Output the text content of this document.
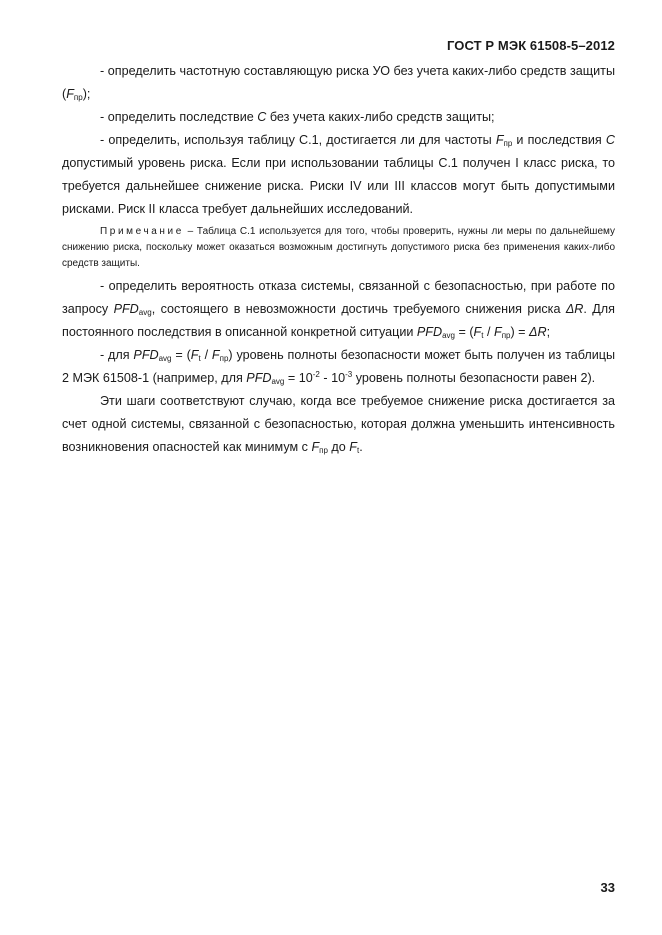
ГОСТ Р МЭК 61508-5–2012

- определить частотную составляющую риска УО без учета каких-либо средств защиты $(F_{пр})$;

- определить последствие C без учета каких-либо средств защиты;

- определить, используя таблицу С.1, достигается ли для частоты $F_{пр}$ и последствия C допустимый уровень риска. Если при использовании таблицы С.1 получен I класс риска, то требуется дальнейшее снижение риска. Риски IV или III классов могут быть допустимыми рисками. Риск II класса требует дальнейших исследований.

Примечание – Таблица С.1 используется для того, чтобы проверить, нужны ли меры по дальнейшему снижению риска, поскольку может оказаться возможным достигнуть допустимого риска без применения каких-либо средств защиты.

- определить вероятность отказа системы, связанной с безопасностью, при работе по запросу $PFD_{avg}$, состоящего в невозможности достичь требуемого снижения риска ΔR. Для постоянного последствия в описанной конкретной ситуации $PFD_{avg} = (F_t / F_{пр}) = \Delta R$;

- для $PFD_{avg} = (F_t / F_{пр})$ уровень полноты безопасности может быть получен из таблицы 2 МЭК 61508-1 (например, для $PFD_{avg} = 10^{-2} - 10^{-3}$ уровень полноты безопасности равен 2).

Эти шаги соответствуют случаю, когда все требуемое снижение риска достигается за счет одной системы, связанной с безопасностью, которая должна уменьшить интенсивность возникновения опасностей как минимум с $F_{пр}$ до $F_t$.

33
